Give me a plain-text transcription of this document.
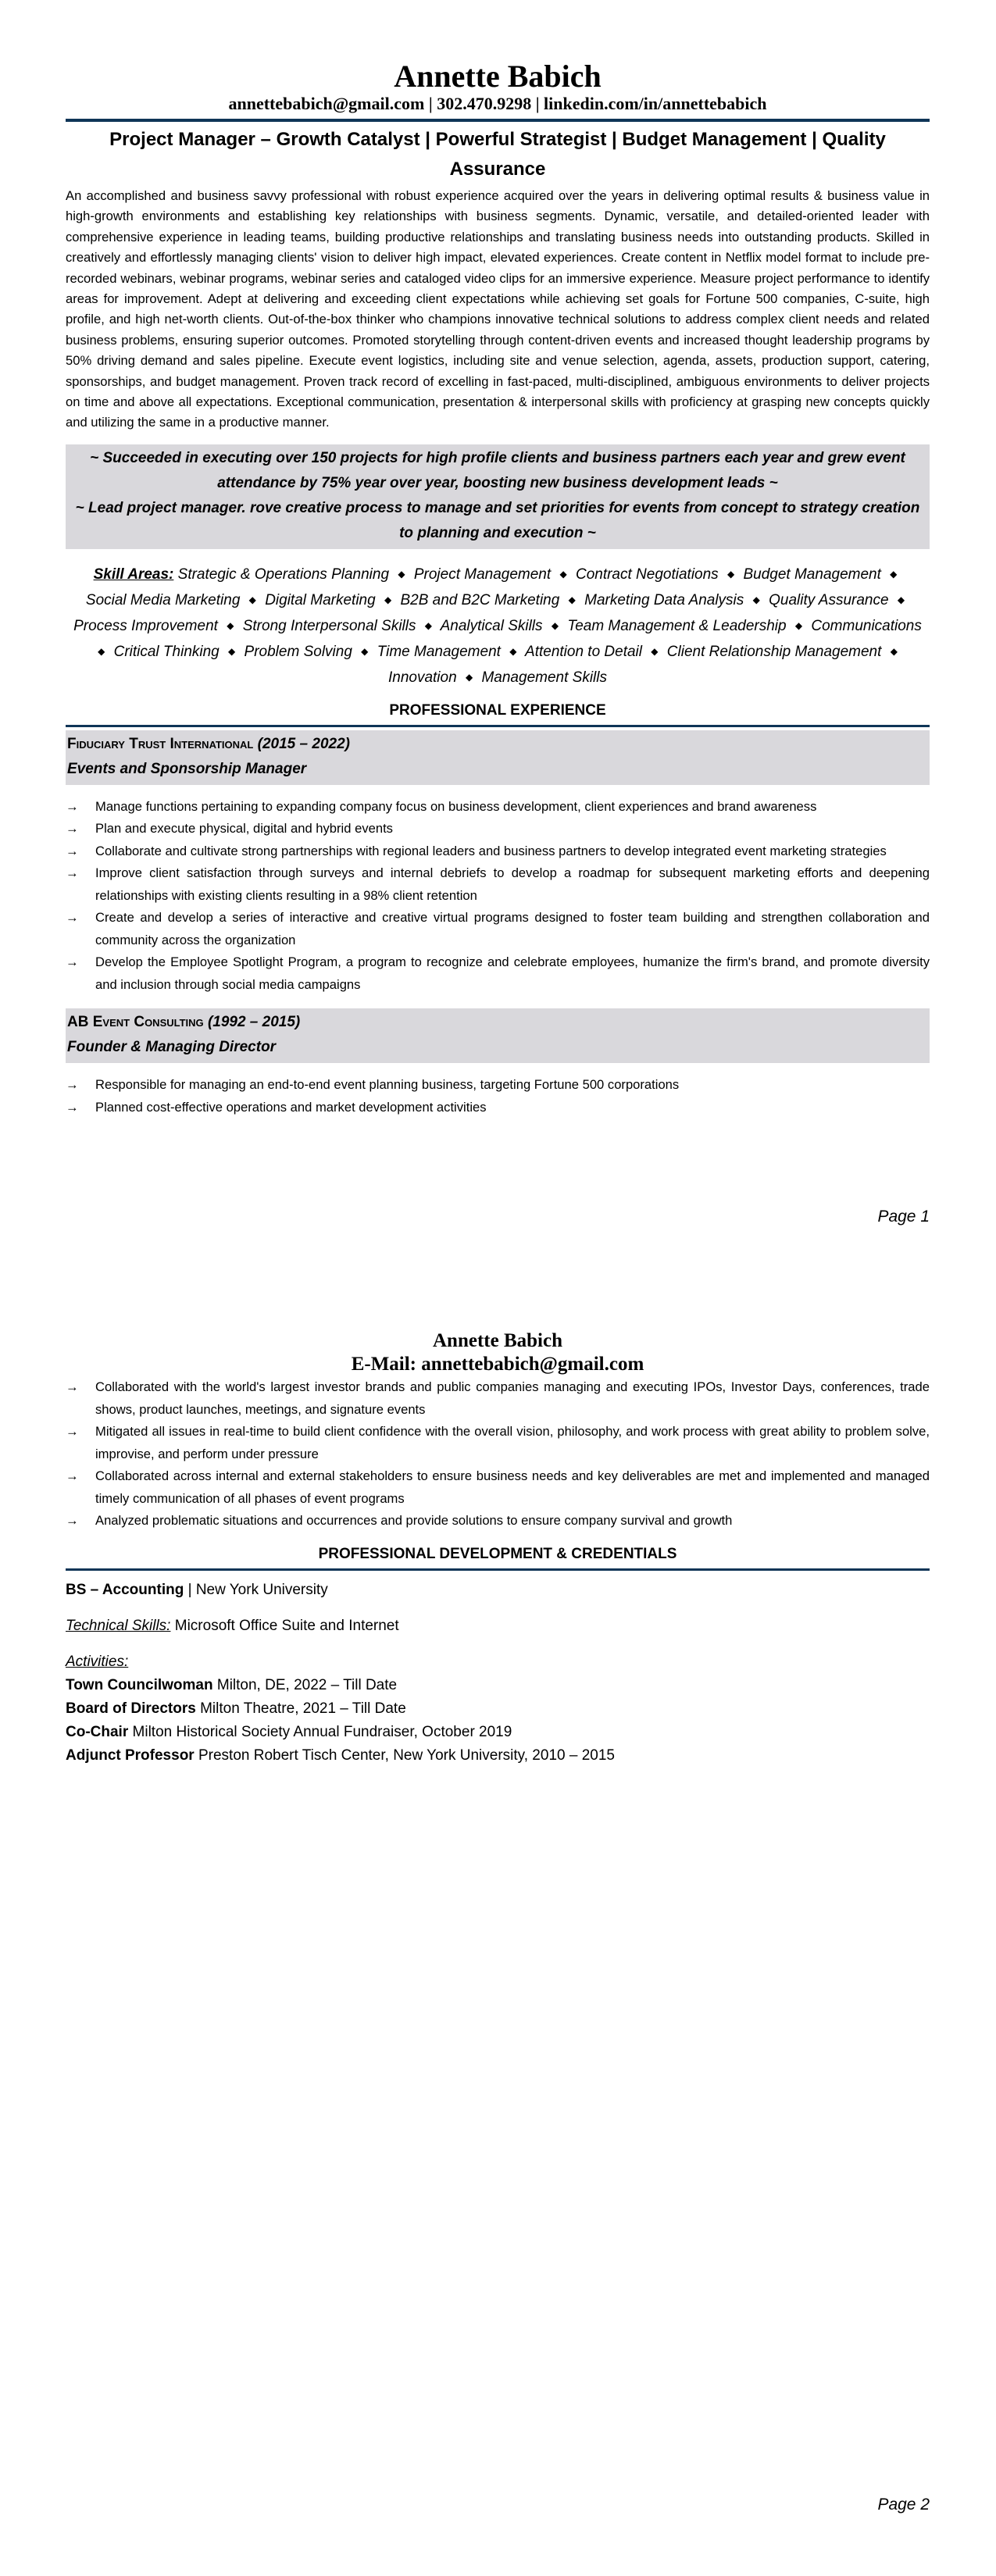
Annette Babich

annettebabich@gmail.com | 302.470.9298 | linkedin.com/in/annettebabich

Project Manager – Growth Catalyst | Powerful Strategist | Budget Management | Quality Assurance

An accomplished and business savvy professional with robust experience acquired over the years in delivering optimal results & business value in high-growth environments and establishing key relationships with business segments. Dynamic, versatile, and detailed-oriented leader with comprehensive experience in leading teams, building productive relationships and translating business needs into outstanding products. Skilled in creatively and effortlessly managing clients' vision to deliver high impact, elevated experiences. Create content in Netflix model format to include pre-recorded webinars, webinar programs, webinar series and cataloged video clips for an immersive experience. Measure project performance to identify areas for improvement. Adept at delivering and exceeding client expectations while achieving set goals for Fortune 500 companies, C-suite, high profile, and high net-worth clients. Out-of-the-box thinker who champions innovative technical solutions to address complex client needs and related business problems, ensuring superior outcomes. Promoted storytelling through content-driven events and increased thought leadership programs by 50% driving demand and sales pipeline. Execute event logistics, including site and venue selection, agenda, assets, production support, catering, sponsorships, and budget management. Proven track record of excelling in fast-paced, multi-disciplined, ambiguous environments to deliver projects on time and above all expectations. Exceptional communication, presentation & interpersonal skills with proficiency at grasping new concepts quickly and utilizing the same in a productive manner.

~ Succeeded in executing over 150 projects for high profile clients and business partners each year and grew event attendance by 75% year over year, boosting new business development leads ~
~ Lead project manager. rove creative process to manage and set priorities for events from concept to strategy creation to planning and execution ~
Skill Areas: Strategic & Operations Planning ◆ Project Management ◆ Contract Negotiations ◆ Budget Management ◆ Social Media Marketing ◆ Digital Marketing ◆ B2B and B2C Marketing ◆ Marketing Data Analysis ◆ Quality Assurance ◆ Process Improvement ◆ Strong Interpersonal Skills ◆ Analytical Skills ◆ Team Management & Leadership ◆ Communications ◆ Critical Thinking ◆ Problem Solving ◆ Time Management ◆ Attention to Detail ◆ Client Relationship Management ◆ Innovation ◆ Management Skills
PROFESSIONAL EXPERIENCE
Fiduciary Trust International (2015 – 2022)
Events and Sponsorship Manager
→ Manage functions pertaining to expanding company focus on business development, client experiences and brand awareness
→ Plan and execute physical, digital and hybrid events
→ Collaborate and cultivate strong partnerships with regional leaders and business partners to develop integrated event marketing strategies
→ Improve client satisfaction through surveys and internal debriefs to develop a roadmap for subsequent marketing efforts and deepening relationships with existing clients resulting in a 98% client retention
→ Create and develop a series of interactive and creative virtual programs designed to foster team building and strengthen collaboration and community across the organization
→ Develop the Employee Spotlight Program, a program to recognize and celebrate employees, humanize the firm's brand, and promote diversity and inclusion through social media campaigns
AB Event Consulting (1992 – 2015)
Founder & Managing Director
→ Responsible for managing an end-to-end event planning business, targeting Fortune 500 corporations
→ Planned cost-effective operations and market development activities
Page 1
Annette Babich

E-Mail: annettebabich@gmail.com

→ Collaborated with the world's largest investor brands and public companies managing and executing IPOs, Investor Days, conferences, trade shows, product launches, meetings, and signature events
→ Mitigated all issues in real-time to build client confidence with the overall vision, philosophy, and work process with great ability to problem solve, improvise, and perform under pressure
→ Collaborated across internal and external stakeholders to ensure business needs and key deliverables are met and implemented and managed timely communication of all phases of event programs
→ Analyzed problematic situations and occurrences and provide solutions to ensure company survival and growth
PROFESSIONAL DEVELOPMENT & CREDENTIALS

BS – Accounting | New York University

Technical Skills: Microsoft Office Suite and Internet

Activities:

Town Councilwoman Milton, DE, 2022 – Till Date

Board of Directors Milton Theatre, 2021 – Till Date

Co-Chair Milton Historical Society Annual Fundraiser, October 2019

Adjunct Professor Preston Robert Tisch Center, New York University, 2010 – 2015

Page 2
